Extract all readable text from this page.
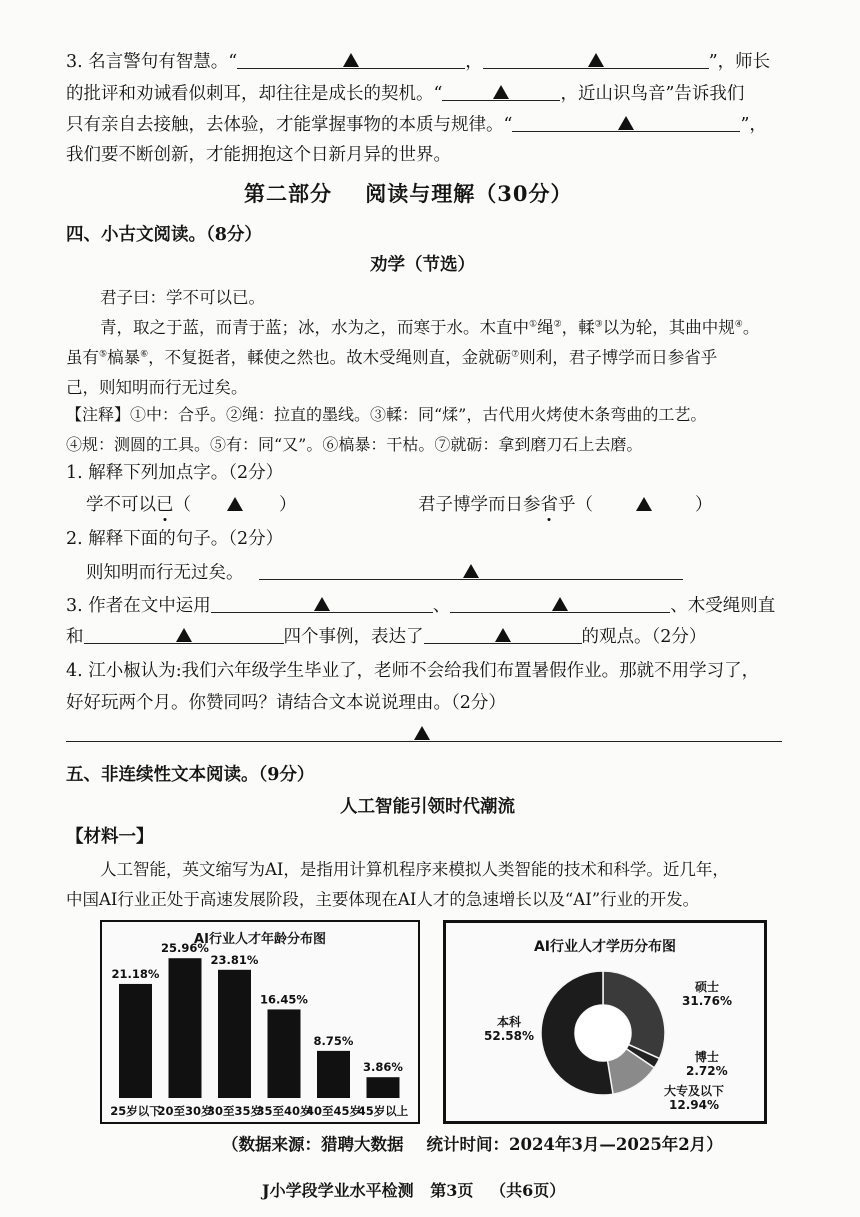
3. 名言警句有智慧。“	，	”，师长
的批评和劝诫看似刺耳，却往往是成长的契机。“	，近山识鸟音”告诉我们
只有亲自去接触，去体验，才能掌握事物的本质与规律。“	”，
我们要不断创新，才能拥抱这个日新月异的世界。
第二部分    阅读与理解（30分）
四、小古文阅读。（8分）
劝学（节选）
君子曰：学不可以已。
青，取之于蓝，而青于蓝；冰，水为之，而寒于水。木直中①绳②，輮③以为轮，其曲中规④。
虽有⑤槁暴⑥，不复挺者，輮使之然也。故木受绳则直，金就砺⑦则利，君子博学而日参省乎
己，则知明而行无过矣。
【注释】①中：合乎。②绳：拉直的墨线。③輮：同“煣”，古代用火烤使木条弯曲的工艺。
④规：测圆的工具。⑤有：同“又”。⑥槁暴：干枯。⑦就砺：拿到磨刀石上去磨。
1. 解释下列加点字。（2分）
学不可以已（	）	君子博学而日参省乎（	）
2. 解释下面的句子。（2分）
则知明而行无过矣。
3. 作者在文中运用	、	、木受绳则直
和	四个事例，表达了	的观点。（2分）
4. 江小椒认为:我们六年级学生毕业了，老师不会给我们布置暑假作业。那就不用学习了，
好好玩两个月。你赞同吗？请结合文本说说理由。（2分）
五、非连续性文本阅读。（9分）
人工智能引领时代潮流
【材料一】
人工智能，英文缩写为AI，是指用计算机程序来模拟人类智能的技术和科学。近几年，
中国AI行业正处于高速发展阶段，主要体现在AI人才的急速增长以及“AI”行业的开发。
AI行业人才年龄分布图
21.18%
25岁以下
25.96%
20至30岁
23.81%
30至35岁
16.45%
35至40岁
8.75%
40至45岁
3.86%
45岁以上
AI行业人才学历分布图
本科
52.58%
硕士
31.76%
博士
2.72%
大专及以下
12.94%
（数据来源：猎聘大数据    统计时间：2024年3月—2025年2月）
J小学段学业水平检测   第3页   （共6页）
